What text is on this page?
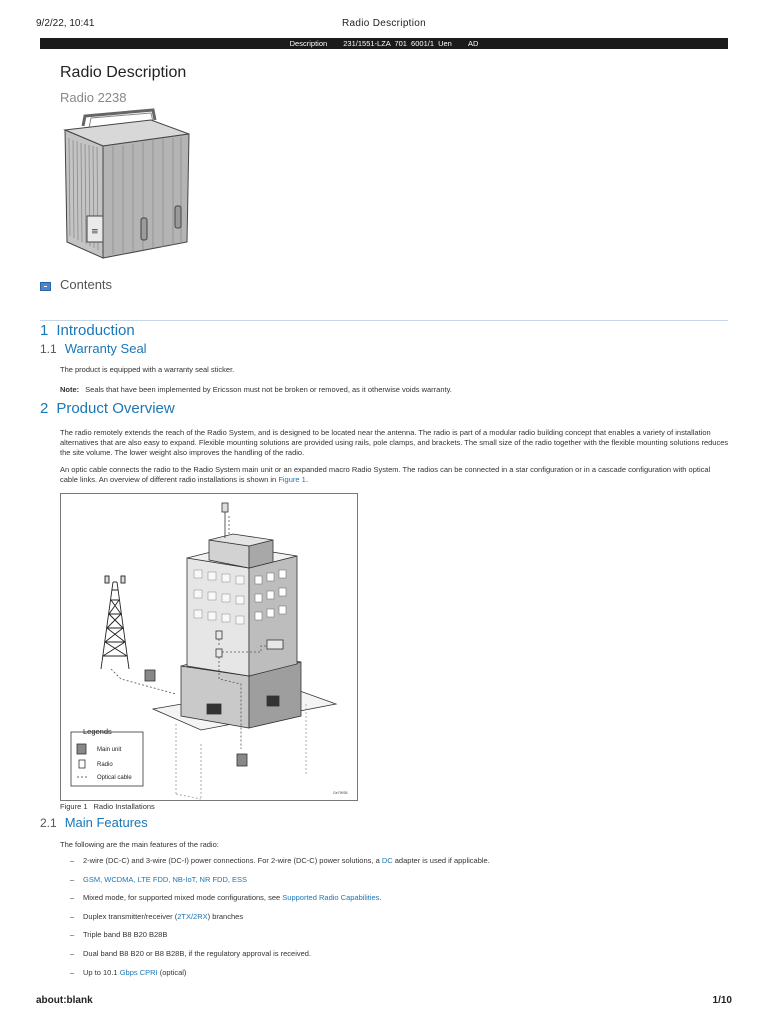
9/2/22, 10:41	Radio Description
Description 231/1551-LZA 701 6001/1 Uen AD
Radio Description
Radio 2238
≡
Contents
1 Introduction
1.1 Warranty Seal
The product is equipped with a warranty seal sticker.
Note: Seals that have been implemented by Ericsson must not be broken or removed, as it otherwise voids warranty.
2 Product Overview
The radio remotely extends the reach of the Radio System, and is designed to be located near the antenna. The radio is part of a modular radio building concept that enables a variety of installation alternatives that are also easy to expand. Flexible mounting solutions are provided using rails, pole clamps, and brackets. The small size of the radio together with the flexible mounting solutions reduces the site volume. The lower weight also improves the handling of the radio.
An optic cable connects the radio to the Radio System main unit or an expanded macro Radio System. The radios can be connected in a star configuration or in a cascade configuration with optical cable links. An overview of different radio installations is shown in Figure 1.
Legends
Main unit
Radio
Optical cable
Ge79938
Figure 1 Radio Installations
2.1 Main Features
The following are the main features of the radio:
– 2-wire (DC-C) and 3-wire (DC-I) power connections. For 2-wire (DC-C) power solutions, a DC adapter is used if applicable.
– GSM, WCDMA, LTE FDD, NB-IoT, NR FDD, ESS
– Mixed mode, for supported mixed mode configurations, see Supported Radio Capabilities.
– Duplex transmitter/receiver (2TX/2RX) branches
– Triple band B8 B20 B28B
– Dual band B8 B20 or B8 B28B, if the regulatory approval is received.
– Up to 10.1 Gbps CPRI (optical)
about:blank	1/10
